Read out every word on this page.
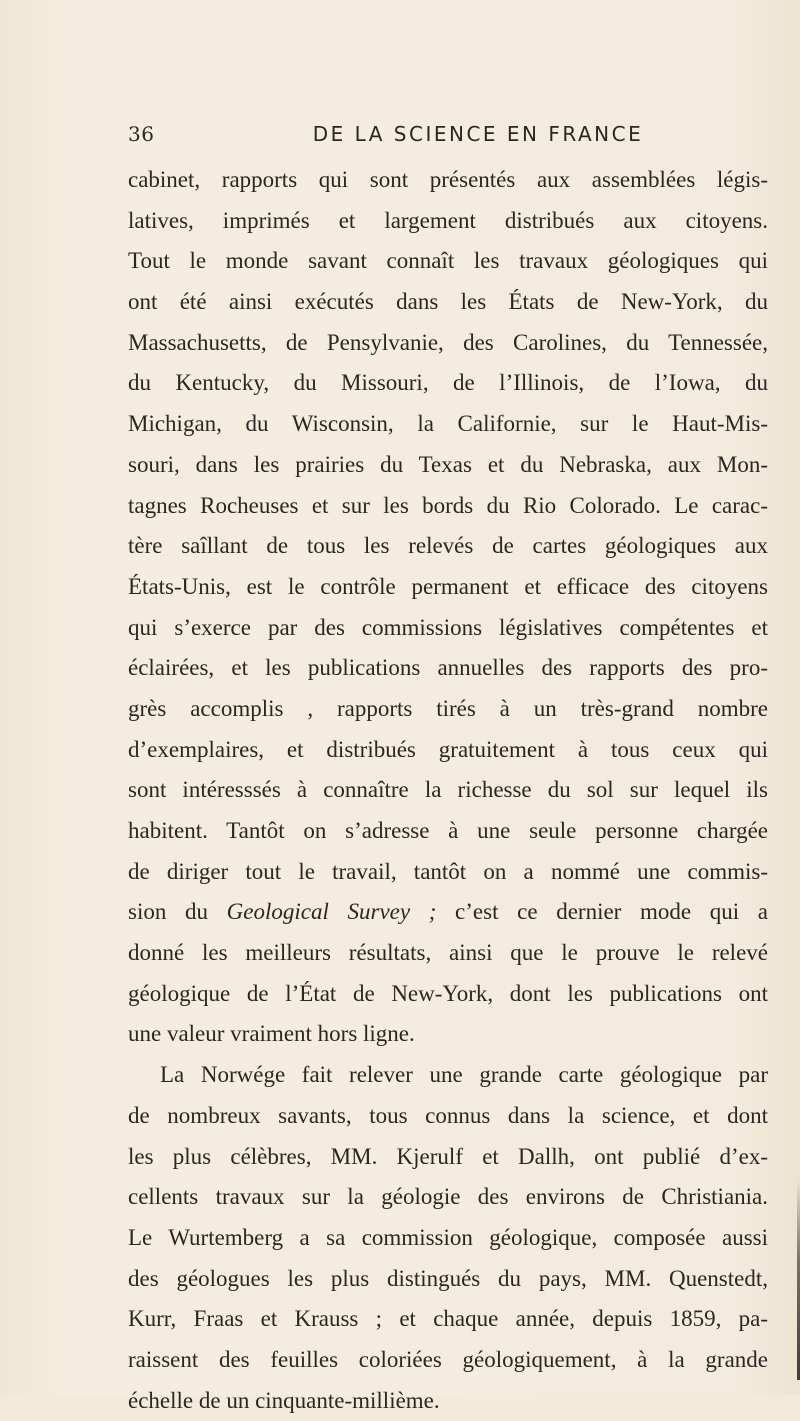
36	DE LA SCIENCE EN FRANCE
cabinet, rapports qui sont présentés aux assemblées légis-
latives, imprimés et largement distribués aux citoyens.
Tout le monde savant connaît les travaux géologiques qui
ont été ainsi exécutés dans les États de New-York, du
Massachusetts, de Pensylvanie, des Carolines, du Tennessée,
du Kentucky, du Missouri, de l’Illinois, de l’Iowa, du
Michigan, du Wisconsin, la Californie, sur le Haut-Mis-
souri, dans les prairies du Texas et du Nebraska, aux Mon-
tagnes Rocheuses et sur les bords du Rio Colorado. Le carac-
tère saîllant de tous les relevés de cartes géologiques aux
États-Unis, est le contrôle permanent et efficace des citoyens
qui s’exerce par des commissions législatives compétentes et
éclairées, et les publications annuelles des rapports des pro-
grès accomplis , rapports tirés à un très-grand nombre
d’exemplaires, et distribués gratuitement à tous ceux qui
sont intéresssés à connaître la richesse du sol sur lequel ils
habitent. Tantôt on s’adresse à une seule personne chargée
de diriger tout le travail, tantôt on a nommé une commis-
sion du Geological Survey ; c’est ce dernier mode qui a
donné les meilleurs résultats, ainsi que le prouve le relevé
géologique de l’État de New-York, dont les publications ont
une valeur vraiment hors ligne.
La Norwége fait relever une grande carte géologique par
de nombreux savants, tous connus dans la science, et dont
les plus célèbres, MM. Kjerulf et Dallh, ont publié d’ex-
cellents travaux sur la géologie des environs de Christiania.
Le Wurtemberg a sa commission géologique, composée aussi
des géologues les plus distingués du pays, MM. Quenstedt,
Kurr, Fraas et Krauss ; et chaque année, depuis 1859, pa-
raissent des feuilles coloriées géologiquement, à la grande
échelle de un cinquante-millième.
